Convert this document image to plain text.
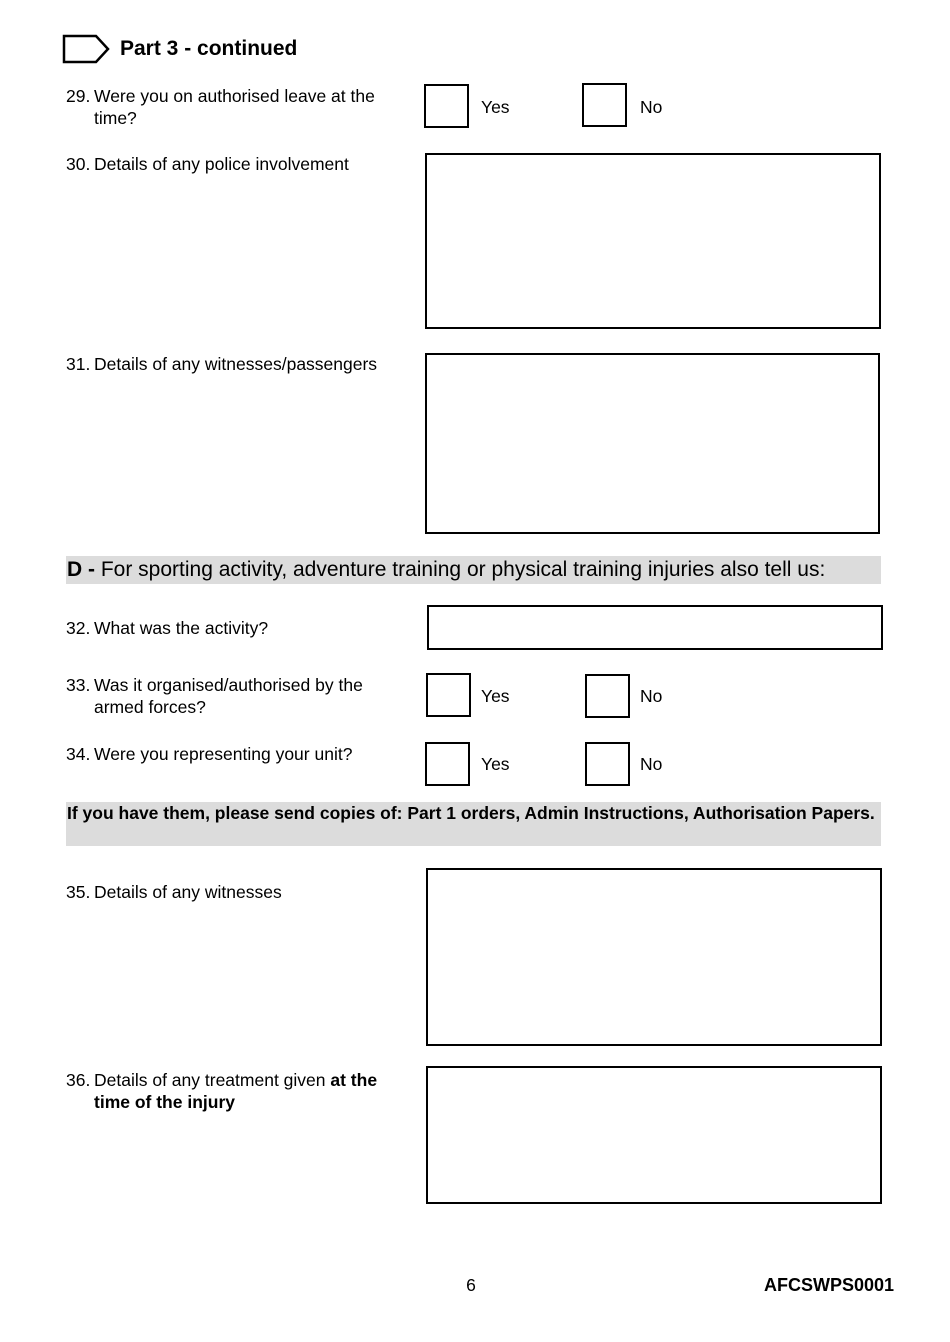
Part 3 - continued
29. Were you on authorised leave at the time?
Yes	No
30. Details of any police involvement
31. Details of any witnesses/passengers
D - For sporting activity, adventure training or physical training injuries also tell us:
32. What was the activity?
33. Was it organised/authorised by the armed forces?
Yes	No
34. Were you representing your unit?	Yes	No
If you have them, please send copies of: Part 1 orders, Admin Instructions, Authorisation Papers.
35. Details of any witnesses
36. Details of any treatment given at the time of the injury
6	AFCSWPS0001
